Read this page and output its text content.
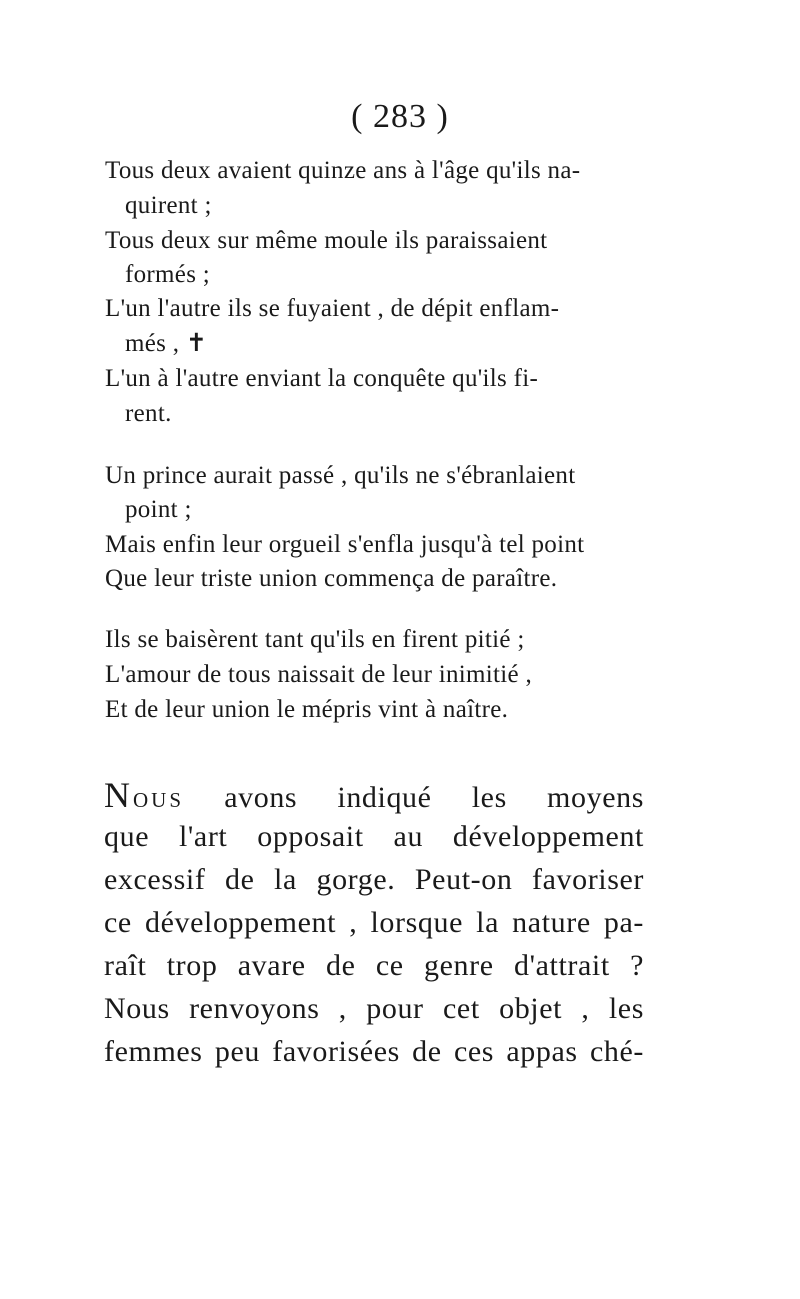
( 283 )
Tous deux avaient quinze ans à l'âge qu'ils na-
quirent ;
Tous deux sur même moule ils paraissaient
formés ;
L'un l'autre ils se fuyaient , de dépit enflam-
més , ✝
L'un à l'autre enviant la conquête qu'ils fi-
rent.
Un prince aurait passé , qu'ils ne s'ébranlaient
point ;
Mais enfin leur orgueil s'enfla jusqu'à tel point
Que leur triste union commença de paraître.
Ils se baisèrent tant qu'ils en firent pitié ;
L'amour de tous naissait de leur inimitié ,
Et de leur union le mépris vint à naître.
Nous avons indiqué les moyens
que l'art opposait au développement
excessif de la gorge. Peut-on favoriser
ce développement , lorsque la nature pa-
raît trop avare de ce genre d'attrait ?
Nous renvoyons , pour cet objet , les
femmes peu favorisées de ces appas ché-
